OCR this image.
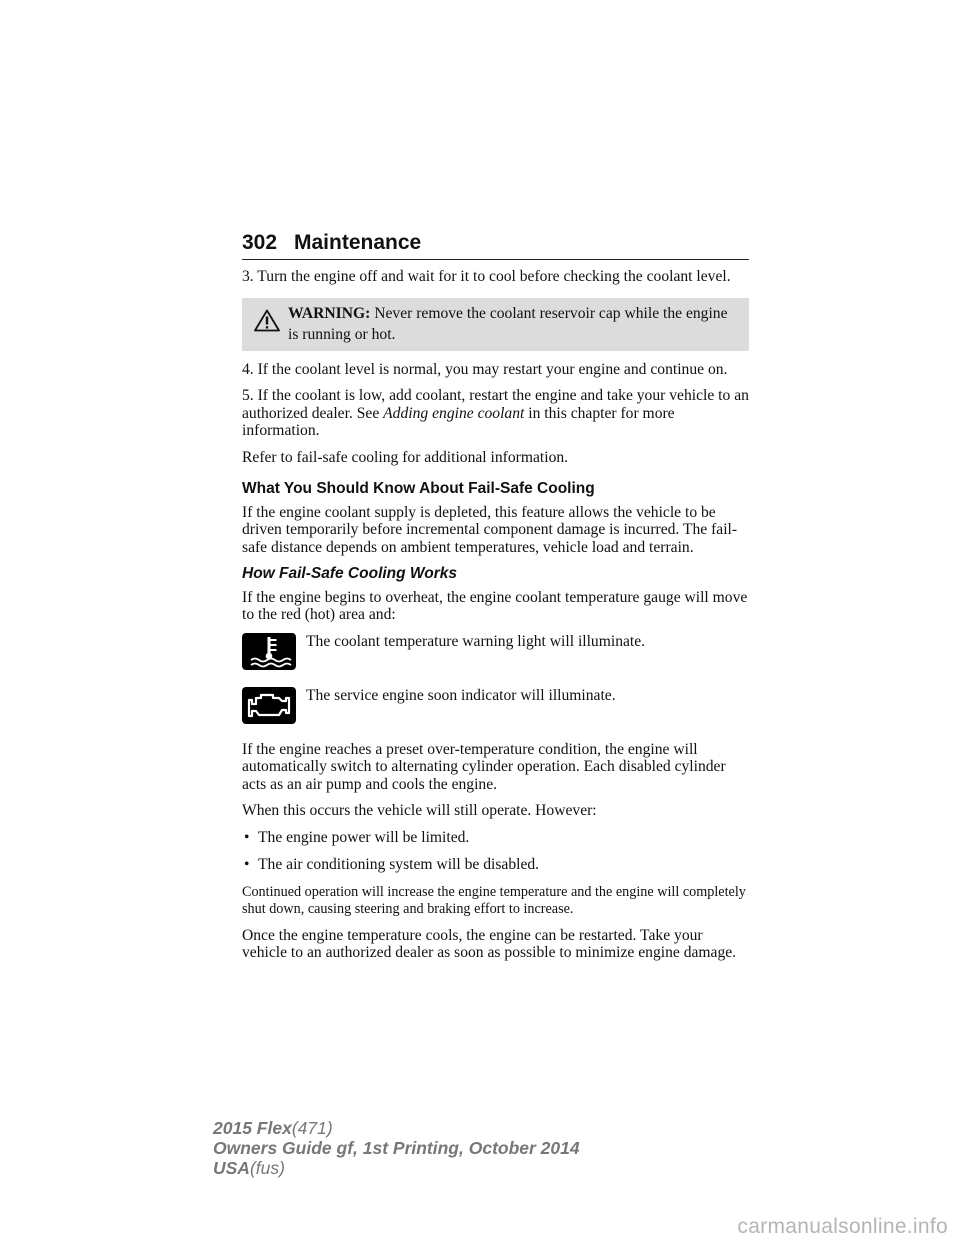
302 Maintenance

3. Turn the engine off and wait for it to cool before checking the coolant level.

WARNING: Never remove the coolant reservoir cap while the engine is running or hot.

4. If the coolant level is normal, you may restart your engine and continue on.

5. If the coolant is low, add coolant, restart the engine and take your vehicle to an authorized dealer. See Adding engine coolant in this chapter for more information.

Refer to fail-safe cooling for additional information.

What You Should Know About Fail-Safe Cooling

If the engine coolant supply is depleted, this feature allows the vehicle to be driven temporarily before incremental component damage is incurred. The fail-safe distance depends on ambient temperatures, vehicle load and terrain.

How Fail-Safe Cooling Works

If the engine begins to overheat, the engine coolant temperature gauge will move to the red (hot) area and:

The coolant temperature warning light will illuminate.
The service engine soon indicator will illuminate.

If the engine reaches a preset over-temperature condition, the engine will automatically switch to alternating cylinder operation. Each disabled cylinder acts as an air pump and cools the engine.

When this occurs the vehicle will still operate. However:

• The engine power will be limited.
• The air conditioning system will be disabled.

Continued operation will increase the engine temperature and the engine will completely shut down, causing steering and braking effort to increase.

Once the engine temperature cools, the engine can be restarted. Take your vehicle to an authorized dealer as soon as possible to minimize engine damage.

2015 Flex(471)
Owners Guide gf, 1st Printing, October 2014
USA(fus)
carmanualsonline.info
